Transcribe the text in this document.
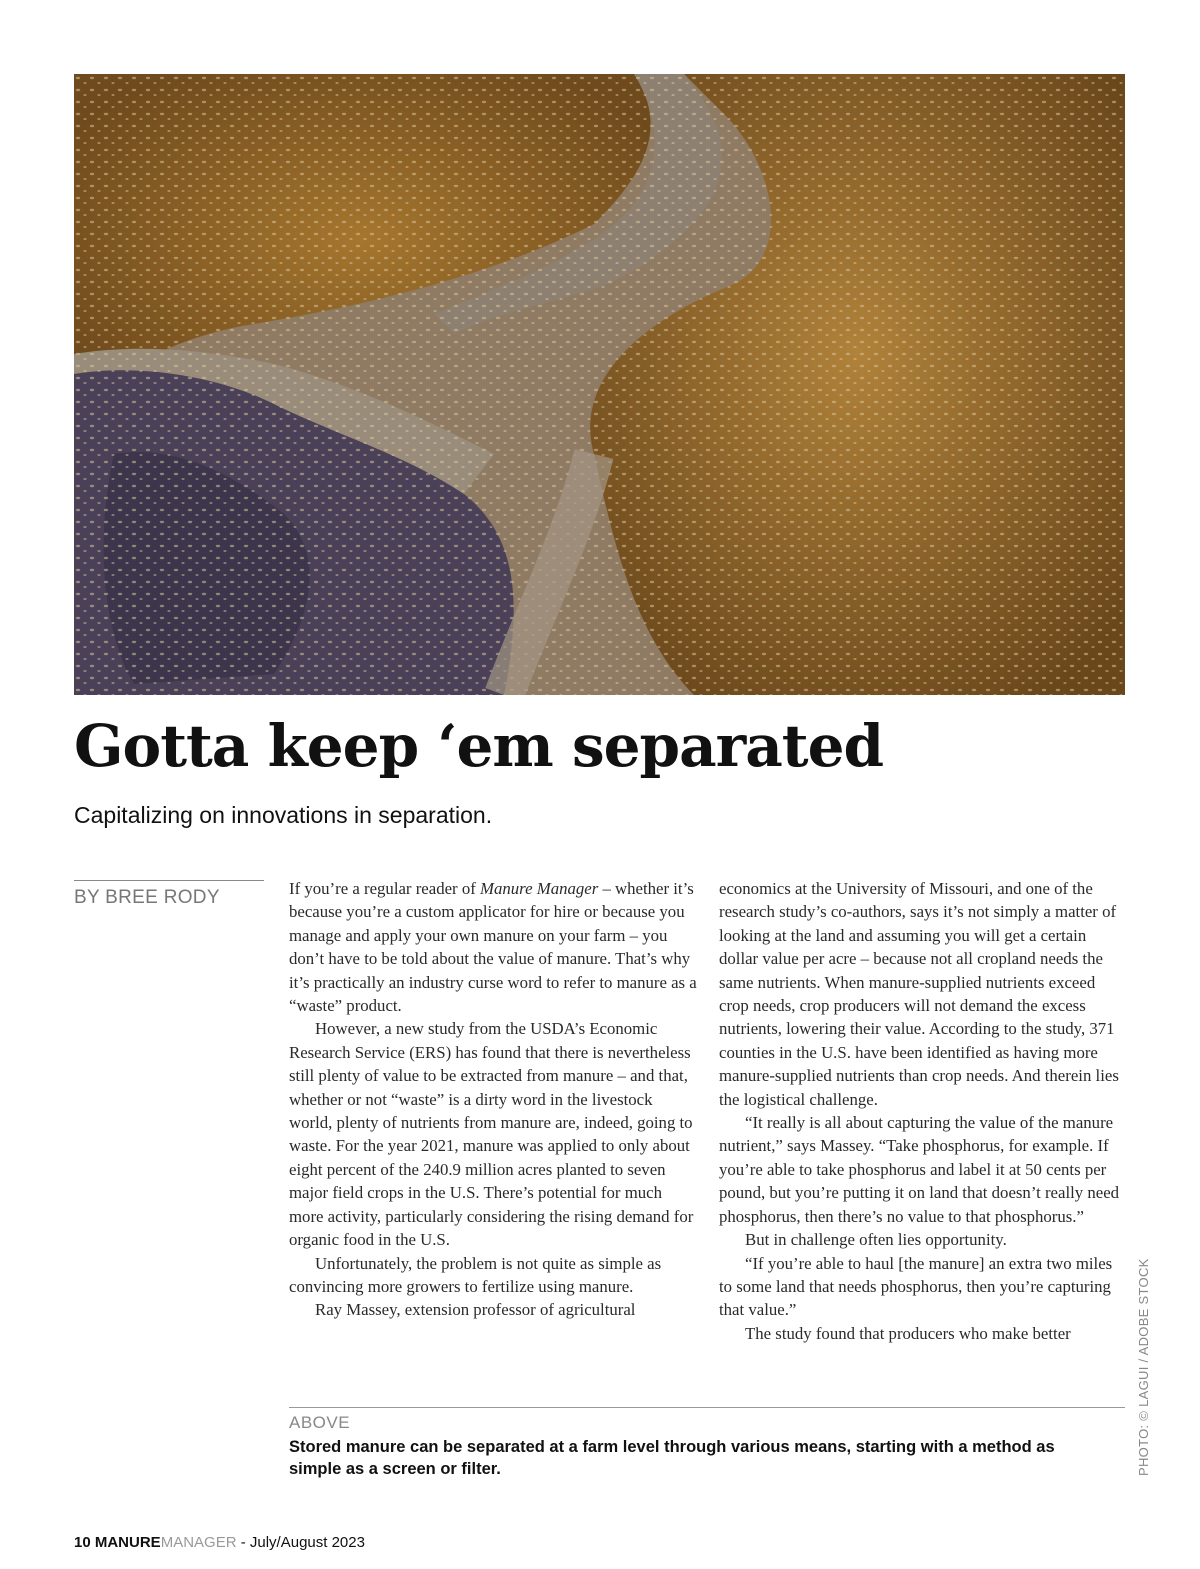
Gotta keep ‘em separated

Capitalizing on innovations in separation.

BY BREE RODY	If you’re a regular reader of Manure Manager – whether it’s because you’re a custom applicator for hire or because you manage and apply your own manure on your farm – you don’t have to be told about the value of manure. That’s why it’s practically an industry curse word to refer to manure as a “waste” product.

However, a new study from the USDA’s Economic Research Service (ERS) has found that there is nevertheless still plenty of value to be extracted from manure – and that, whether or not “waste” is a dirty word in the livestock world, plenty of nutrients from manure are, indeed, going to waste. For the year 2021, manure was applied to only about eight percent of the 240.9 million acres planted to seven major field crops in the U.S. There’s potential for much more activity, particularly considering the rising demand for organic food in the U.S.

Unfortunately, the problem is not quite as simple as convincing more growers to fertilize using manure.

Ray Massey, extension professor of agricultural

economics at the University of Missouri, and one of the research study’s co-authors, says it’s not simply a matter of looking at the land and assuming you will get a certain dollar value per acre – because not all cropland needs the same nutrients. When manure-supplied nutrients exceed crop needs, crop producers will not demand the excess nutrients, lowering their value. According to the study, 371 counties in the U.S. have been identified as having more manure-supplied nutrients than crop needs. And therein lies the logistical challenge.

“It really is all about capturing the value of the manure nutrient,” says Massey. “Take phosphorus, for example. If you’re able to take phosphorus and label it at 50 cents per pound, but you’re putting it on land that doesn’t really need phosphorus, then there’s no value to that phosphorus.”

But in challenge often lies opportunity.

“If you’re able to haul [the manure] an extra two miles to some land that needs phosphorus, then you’re capturing that value.”

The study found that producers who make better

ABOVE
Stored manure can be separated at a farm level through various means, starting with a method as simple as a screen or filter.	PHOTO: © LAGUI / ADOBE STOCK
10 MANUREMANAGER - July/August 2023
